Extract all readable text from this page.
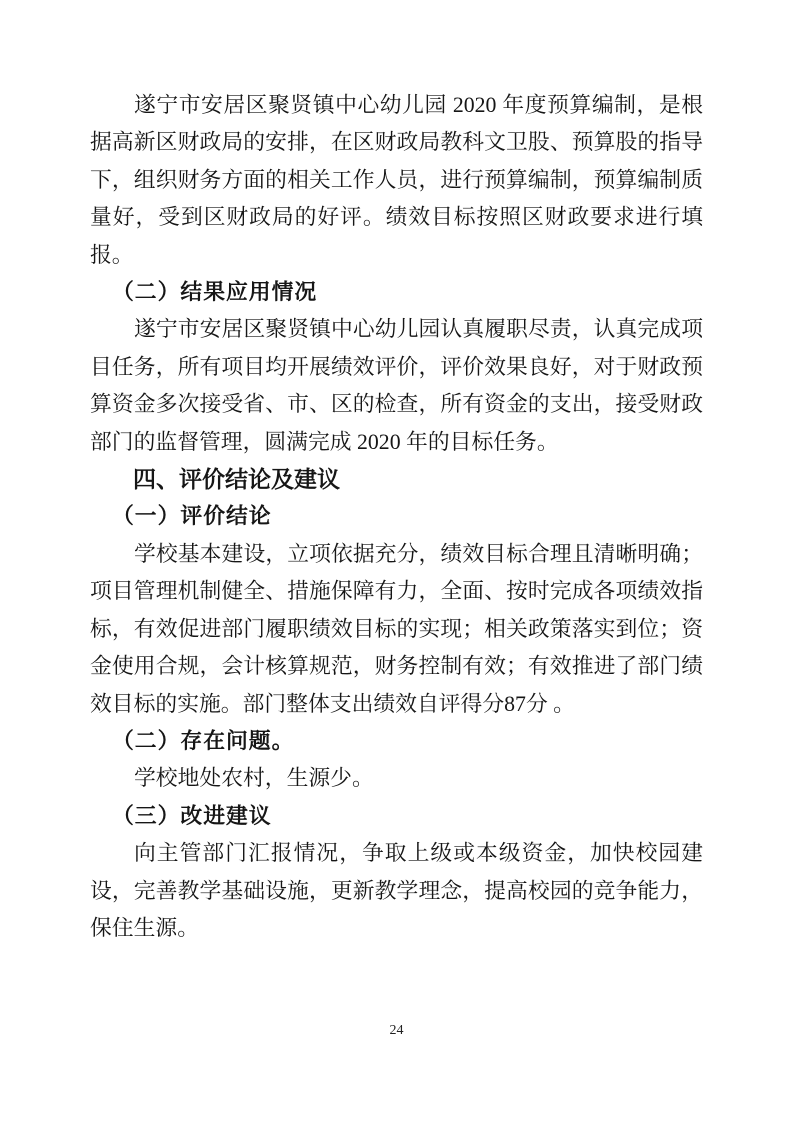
遂宁市安居区聚贤镇中心幼儿园 2020 年度预算编制，是根据高新区财政局的安排，在区财政局教科文卫股、预算股的指导下，组织财务方面的相关工作人员，进行预算编制，预算编制质量好，受到区财政局的好评。绩效目标按照区财政要求进行填报。

（二）结果应用情况

遂宁市安居区聚贤镇中心幼儿园认真履职尽责，认真完成项目任务，所有项目均开展绩效评价，评价效果良好，对于财政预算资金多次接受省、市、区的检查，所有资金的支出，接受财政部门的监督管理，圆满完成 2020 年的目标任务。

四、评价结论及建议

（一）评价结论

学校基本建设，立项依据充分，绩效目标合理且清晰明确；项目管理机制健全、措施保障有力，全面、按时完成各项绩效指标，有效促进部门履职绩效目标的实现；相关政策落实到位；资金使用合规，会计核算规范，财务控制有效；有效推进了部门绩效目标的实施。部门整体支出绩效自评得分87分 。

（二）存在问题。

学校地处农村，生源少。

（三）改进建议

向主管部门汇报情况，争取上级或本级资金，加快校园建设，完善教学基础设施，更新教学理念，提高校园的竞争能力，保住生源。

24
